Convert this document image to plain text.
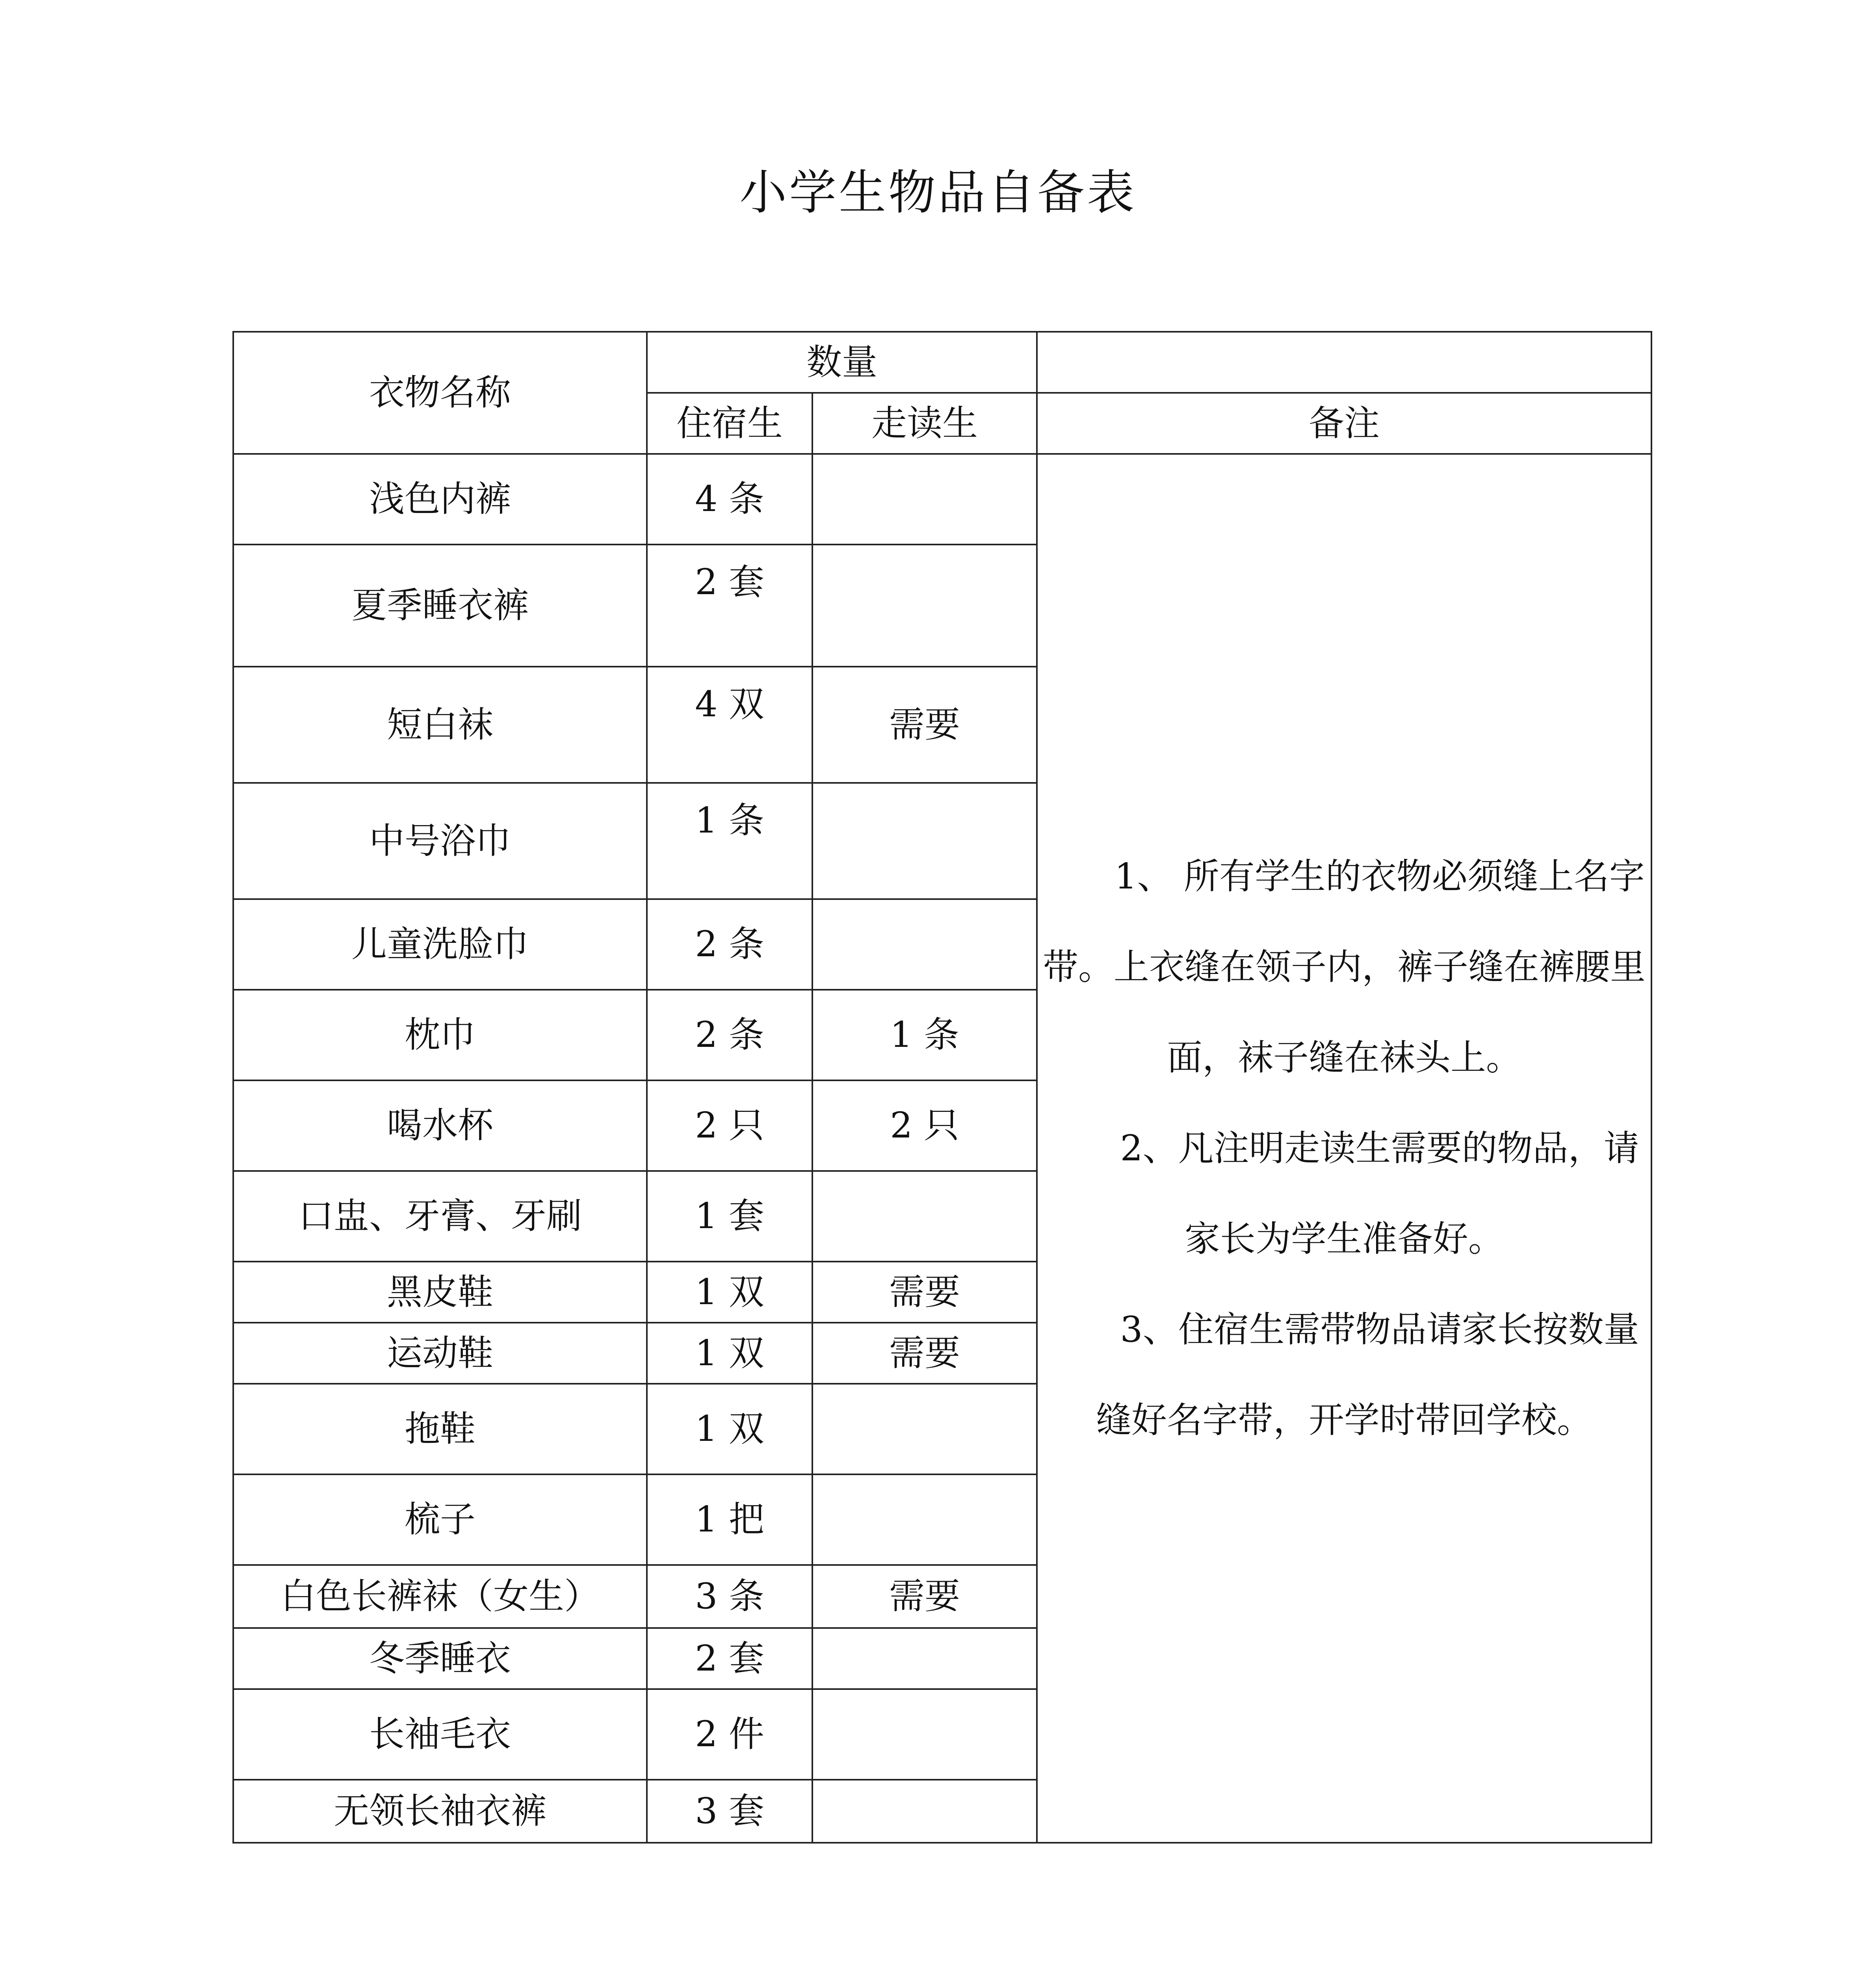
小学生物品自备表
衣物名称	数量		
	住宿生	走读生	备注
浅色内裤	4 条		1、 所有学生的衣物必须缝上名字带。上衣缝在领子内，裤子缝在裤腰里面，袜子缝在袜头上。

2、凡注明走读生需要的物品，请家长为学生准备好。

3、住宿生需带物品请家长按数量缝好名字带，开学时带回学校。

夏季睡衣裤	2 套		
短白袜	4 双	需要	
中号浴巾	1 条		
儿童洗脸巾	2 条		
枕巾	2 条	1 条	
喝水杯	2 只	2 只	
口盅、牙膏、牙刷	1 套		
黑皮鞋	1 双	需要	
运动鞋	1 双	需要	
拖鞋	1 双		
梳子	1 把		
白色长裤袜（女生）	3 条	需要	
冬季睡衣	2 套		
长袖毛衣	2 件		
无领长袖衣裤	3 套		
